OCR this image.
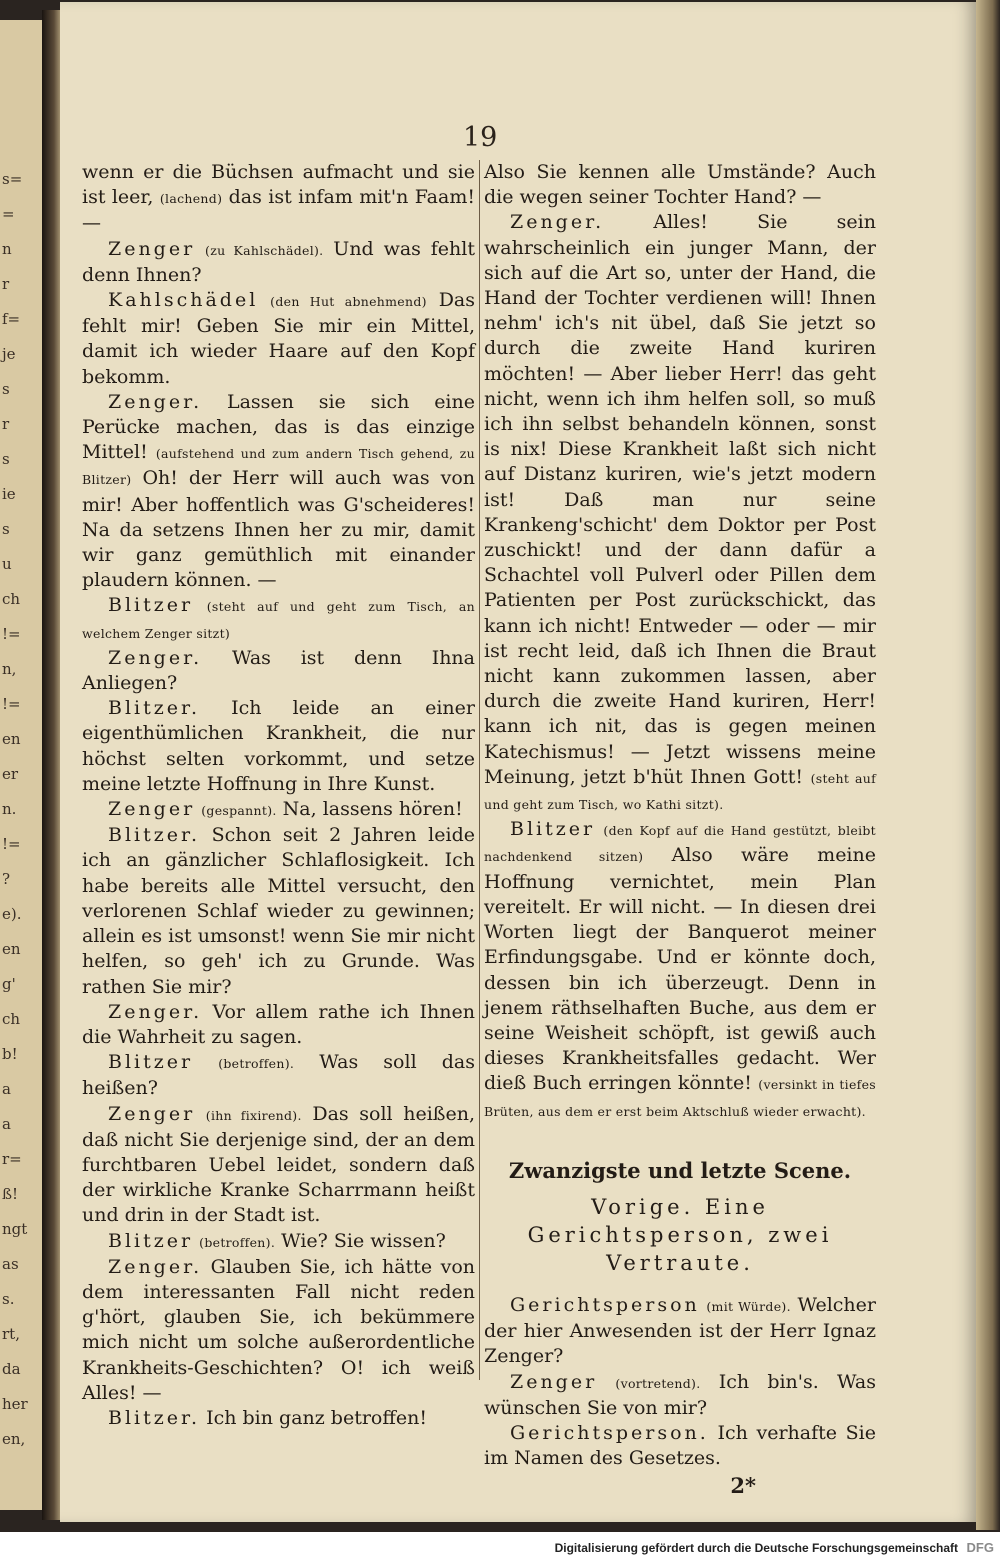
s=
=
n
r
f=
je
s
r
s
ie
s
u
ch
!=
n,
!=
en
er
n.
!=
?
e).
en
g'
ch
b!
a
a
r=
ß!
ngt
as
s.
rt,
da
her
en,
19

wenn er die Büchsen aufmacht und sie ist leer, (lachend) das ist infam mit'n Faam! —

Zenger (zu Kahlschädel). Und was fehlt denn Ihnen?

Kahlschädel (den Hut abnehmend) Das fehlt mir! Geben Sie mir ein Mittel, damit ich wieder Haare auf den Kopf bekomm.

Zenger. Lassen sie sich eine Perücke machen, das is das einzige Mittel! (aufstehend und zum andern Tisch gehend, zu Blitzer) Oh! der Herr will auch was von mir! Aber hoffentlich was G'scheideres! Na da setzens Ihnen her zu mir, damit wir ganz gemüthlich mit einander plaudern können. —

Blitzer (steht auf und geht zum Tisch, an welchem Zenger sitzt)

Zenger. Was ist denn Ihna Anliegen?

Blitzer. Ich leide an einer eigenthümlichen Krankheit, die nur höchst selten vorkommt, und setze meine letzte Hoffnung in Ihre Kunst.

Zenger (gespannt). Na, lassens hören!

Blitzer. Schon seit 2 Jahren leide ich an gänzlicher Schlaflosigkeit. Ich habe bereits alle Mittel versucht, den verlorenen Schlaf wieder zu gewinnen; allein es ist umsonst! wenn Sie mir nicht helfen, so geh' ich zu Grunde. Was rathen Sie mir?

Zenger. Vor allem rathe ich Ihnen die Wahrheit zu sagen.

Blitzer (betroffen). Was soll das heißen?

Zenger (ihn fixirend). Das soll heißen, daß nicht Sie derjenige sind, der an dem furchtbaren Uebel leidet, sondern daß der wirkliche Kranke Scharrmann heißt und drin in der Stadt ist.

Blitzer (betroffen). Wie? Sie wissen?

Zenger. Glauben Sie, ich hätte von dem interessanten Fall nicht reden g'hört, glauben Sie, ich bekümmere mich nicht um solche außerordentliche Krankheits-Geschichten? O! ich weiß Alles! —

Blitzer. Ich bin ganz betroffen!

Also Sie kennen alle Umstände? Auch die wegen seiner Tochter Hand? —

Zenger. Alles! Sie sein wahrscheinlich ein junger Mann, der sich auf die Art so, unter der Hand, die Hand der Tochter verdienen will! Ihnen nehm' ich's nit übel, daß Sie jetzt so durch die zweite Hand kuriren möchten! — Aber lieber Herr! das geht nicht, wenn ich ihm helfen soll, so muß ich ihn selbst behandeln können, sonst is nix! Diese Krankheit laßt sich nicht auf Distanz kuriren, wie's jetzt modern ist! Daß man nur seine Krankeng'schicht' dem Doktor per Post zuschickt! und der dann dafür a Schachtel voll Pulverl oder Pillen dem Patienten per Post zurückschickt, das kann ich nicht! Entweder — oder — mir ist recht leid, daß ich Ihnen die Braut nicht kann zukommen lassen, aber durch die zweite Hand kuriren, Herr! kann ich nit, das is gegen meinen Katechismus! — Jetzt wissens meine Meinung, jetzt b'hüt Ihnen Gott! (steht auf und geht zum Tisch, wo Kathi sitzt).

Blitzer (den Kopf auf die Hand gestützt, bleibt nachdenkend sitzen) Also wäre meine Hoffnung vernichtet, mein Plan vereitelt. Er will nicht. — In diesen drei Worten liegt der Banquerot meiner Erfindungsgabe. Und er könnte doch, dessen bin ich überzeugt. Denn in jenem räthselhaften Buche, aus dem er seine Weisheit schöpft, ist gewiß auch dieses Krankheitsfalles gedacht. Wer dieß Buch erringen könnte! (versinkt in tiefes Brüten, aus dem er erst beim Aktschluß wieder erwacht).

Zwanzigste und letzte Scene.
Vorige. Eine Gerichtsperson, zwei Vertraute.

Gerichtsperson (mit Würde). Welcher der hier Anwesenden ist der Herr Ignaz Zenger?

Zenger (vortretend). Ich bin's. Was wünschen Sie von mir?

Gerichtsperson. Ich verhafte Sie im Namen des Gesetzes.

2*
Digitalisierung gefördert durch die Deutsche Forschungsgemeinschaft DFG
